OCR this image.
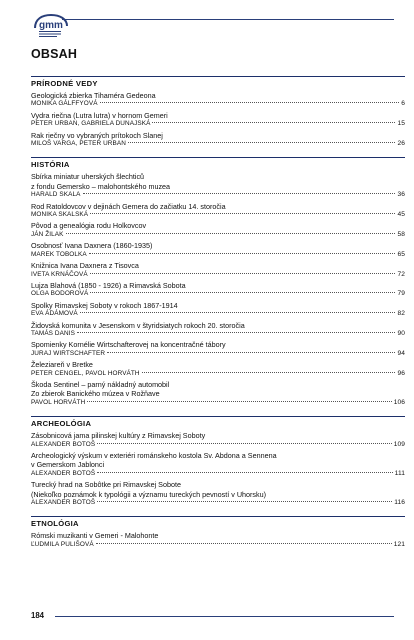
gmm
OBSAH
PRÍRODNÉ VEDY
Geologická zbierka Tihaméra Gedeona
MONIKA GÁLFFYOVÁ	6
Vydra riečna (Lutra lutra) v hornom Gemeri
PETER URBAN, GABRIELA DUNAJSKÁ	15
Rak riečny vo vybraných prítokoch Slanej
MILOŠ VARGA, PETER URBAN	26
HISTÓRIA
Sbírka miniatur uherských šlechticů
z fondu Gemersko – malohontského muzea
HARALD SKALA	36
Rod Ratoldovcov v dejinách Gemera do začiatku 14. storočia
MONIKA SKALSKÁ	45
Pôvod a genealógia rodu Holkovcov
JÁN ŽILAK	58
Osobnosť Ivana Daxnera (1860-1935)
MAREK TOBOLKA	65
Knižnica Ivana Daxnera z Tisovca
IVETA KRNÁČOVÁ	72
Lujza Blahová (1850 - 1926) a Rimavská Sobota
OLGA BODOROVÁ	79
Spolky Rimavskej Soboty v rokoch 1867-1914
EVA ÁDÁMOVÁ	82
Židovská komunita v Jesenskom v štyridsiatych rokoch 20. storočia
TAMÁS DANIS	90
Spomienky Kornélie Wirtschafterovej na koncentračné tábory
JURAJ WIRTSCHAFTER	94
Železiareň v Bretke
PETER CENGEL, PAVOL HORVÁTH	96
Škoda Sentinel – parný nákladný automobil
Zo zbierok Banického múzea v Rožňave
PAVOL HORVÁTH	106
ARCHEOLÓGIA
Zásobnicová jama pilinskej kultúry z Rimavskej Soboty
ALEXANDER BOTOŠ	109
Archeologický výskum v exteriéri románskeho kostola Sv. Abdona a Sennena
v Gemerskom Jablonci
ALEXANDER BOTOŠ	111
Turecký hrad na Sobôtke pri Rimavskej Sobote
(Niekoľko poznámok k typológii a významu tureckých pevností v Uhorsku)
ALEXANDER BOTOŠ	116
ETNOLÓGIA
Rómski muzikanti v Gemeri - Malohonte
ĽUDMILA PULIŠOVÁ	121
184
